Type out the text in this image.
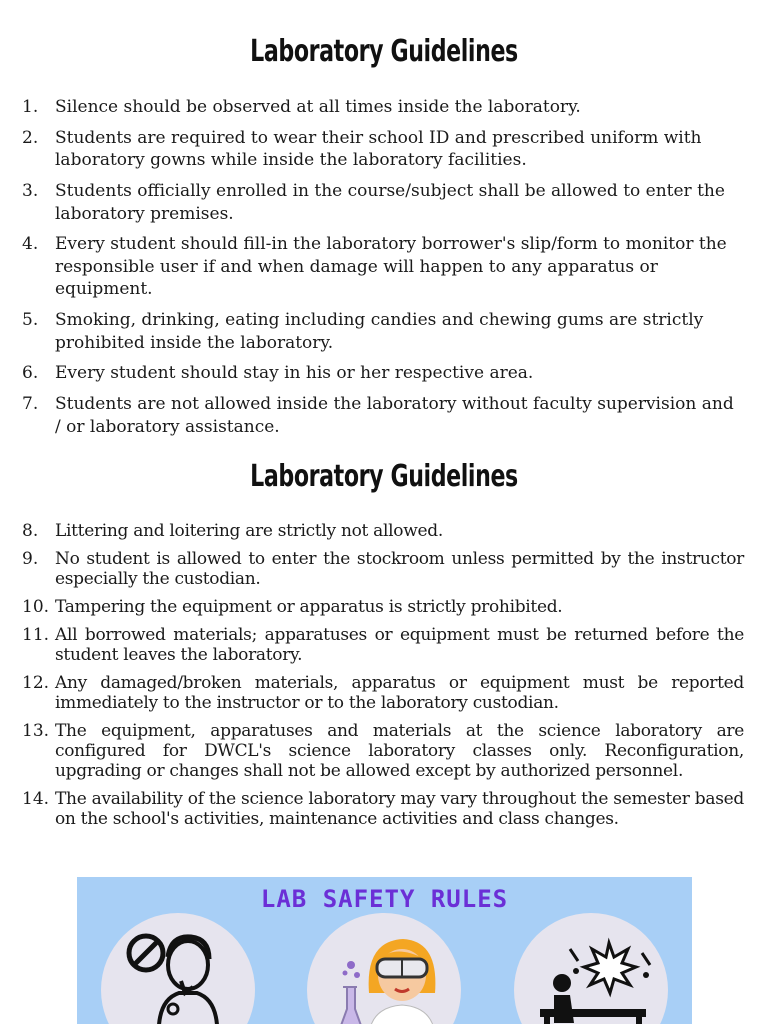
Laboratory Guidelines
1. Silence should be observed at all times inside the laboratory.
2. Students are required to wear their school ID and prescribed uniform with laboratory gowns while inside the laboratory facilities.
3. Students officially enrolled in the course/subject shall be allowed to enter the laboratory premises.
4. Every student should fill-in the laboratory borrower's slip/form to monitor the responsible user if and when damage will happen to any apparatus or equipment.
5. Smoking, drinking, eating including candies and chewing gums are strictly prohibited inside the laboratory.
6. Every student should stay in his or her respective area.
7. Students are not allowed inside the laboratory without faculty supervision and / or laboratory assistance.
Laboratory Guidelines
8. Littering and loitering are strictly not allowed.
9. No student is allowed to enter the stockroom unless permitted by the instructor especially the custodian.
10. Tampering the equipment or apparatus is strictly prohibited.
11. All borrowed materials; apparatuses or equipment must be returned before the student leaves the laboratory.
12. Any damaged/broken materials, apparatus or equipment must be reported immediately to the instructor or to the laboratory custodian.
13. The equipment, apparatuses and materials at the science laboratory are configured for DWCL's science laboratory classes only. Reconfiguration, upgrading or changes shall not be allowed except by authorized personnel.
14. The availability of the science laboratory may vary throughout the semester based on the school's activities, maintenance activities and class changes.
LAB SAFETY RULES
